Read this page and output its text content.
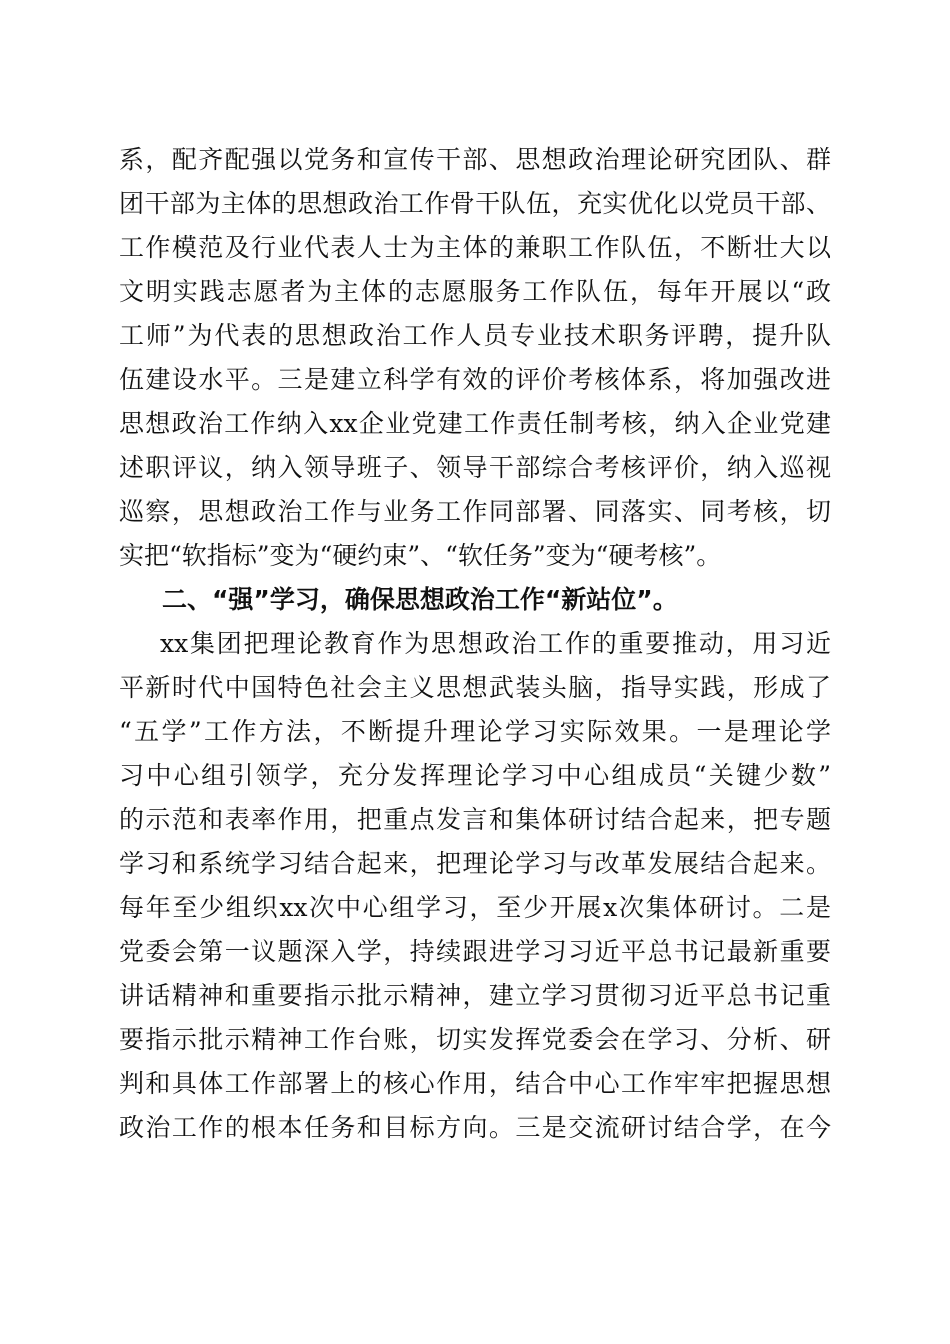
系，配齐配强以党务和宣传干部、思想政治理论研究团队、群
团干部为主体的思想政治工作骨干队伍，充实优化以党员干部、
工作模范及行业代表人士为主体的兼职工作队伍，不断壮大以
文明实践志愿者为主体的志愿服务工作队伍，每年开展以“政
工师”为代表的思想政治工作人员专业技术职务评聘，提升队
伍建设水平。三是建立科学有效的评价考核体系，将加强改进
思想政治工作纳入xx企业党建工作责任制考核，纳入企业党建
述职评议，纳入领导班子、领导干部综合考核评价，纳入巡视
巡察，思想政治工作与业务工作同部署、同落实、同考核，切
实把“软指标”变为“硬约束”、“软任务”变为“硬考核”。
二、“强”学习，确保思想政治工作“新站位”。
xx集团把理论教育作为思想政治工作的重要推动，用习近
平新时代中国特色社会主义思想武装头脑，指导实践，形成了
“五学”工作方法，不断提升理论学习实际效果。一是理论学
习中心组引领学，充分发挥理论学习中心组成员“关键少数”
的示范和表率作用，把重点发言和集体研讨结合起来，把专题
学习和系统学习结合起来，把理论学习与改革发展结合起来。
每年至少组织xx次中心组学习，至少开展x次集体研讨。二是
党委会第一议题深入学，持续跟进学习习近平总书记最新重要
讲话精神和重要指示批示精神，建立学习贯彻习近平总书记重
要指示批示精神工作台账，切实发挥党委会在学习、分析、研
判和具体工作部署上的核心作用，结合中心工作牢牢把握思想
政治工作的根本任务和目标方向。三是交流研讨结合学，在今
